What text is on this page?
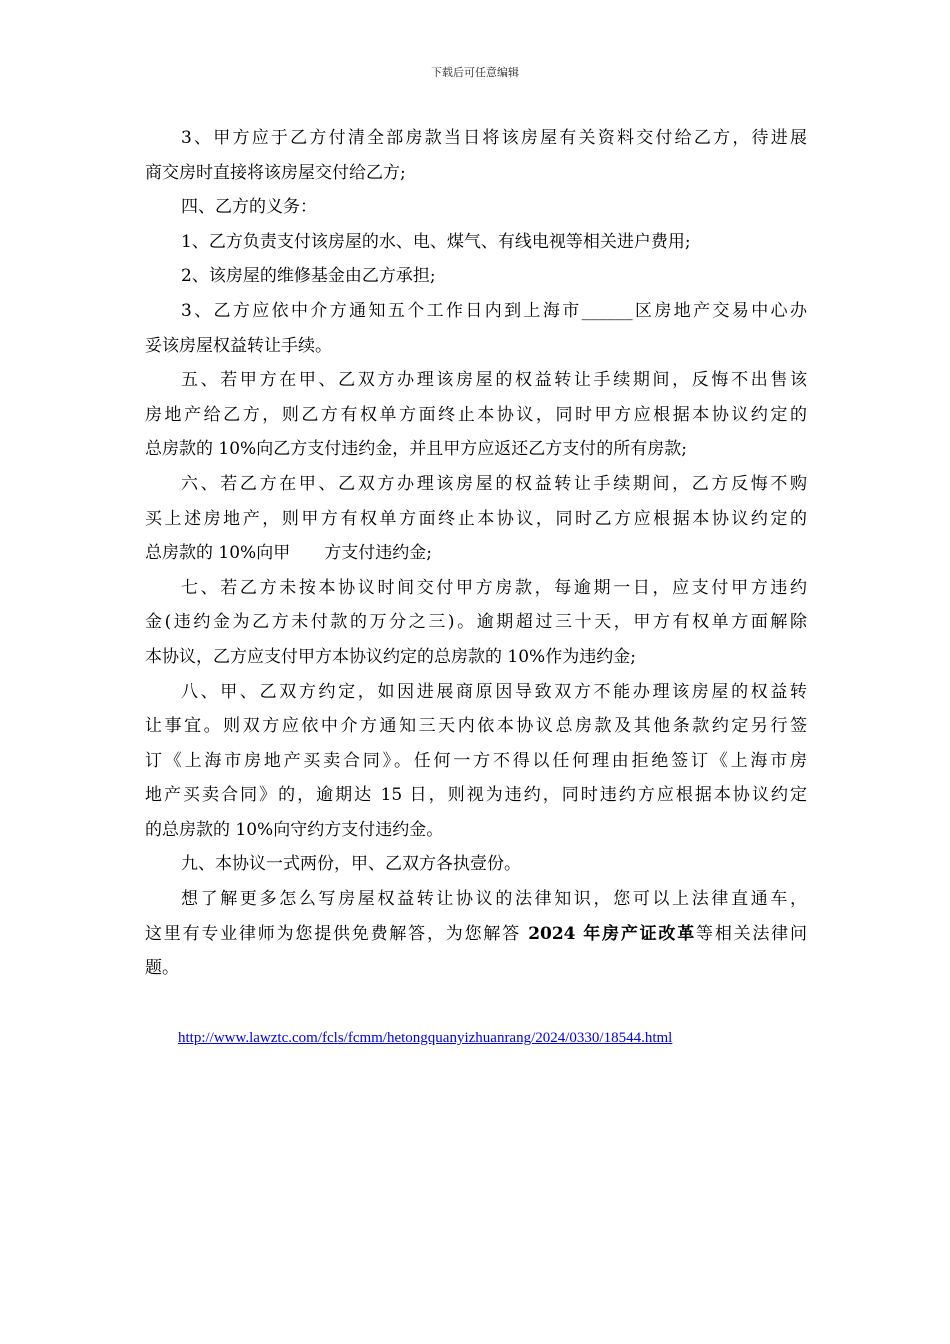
下载后可任意编辑
3、甲方应于乙方付清全部房款当日将该房屋有关资料交付给乙方，待进展
商交房时直接将该房屋交付给乙方;
四、乙方的义务：
1、乙方负责支付该房屋的水、电、煤气、有线电视等相关进户费用;
2、该房屋的维修基金由乙方承担;
3、乙方应依中介方通知五个工作日内到上海市______区房地产交易中心办
妥该房屋权益转让手续。
五、若甲方在甲、乙双方办理该房屋的权益转让手续期间，反悔不出售该
房地产给乙方，则乙方有权单方面终止本协议，同时甲方应根据本协议约定的
总房款的 10%向乙方支付违约金，并且甲方应返还乙方支付的所有房款;
六、若乙方在甲、乙双方办理该房屋的权益转让手续期间，乙方反悔不购
买上述房地产，则甲方有权单方面终止本协议，同时乙方应根据本协议约定的
总房款的 10%向甲　　方支付违约金;
七、若乙方未按本协议时间交付甲方房款，每逾期一日，应支付甲方违约
金(违约金为乙方未付款的万分之三)。逾期超过三十天，甲方有权单方面解除
本协议，乙方应支付甲方本协议约定的总房款的 10%作为违约金;
八、甲、乙双方约定，如因进展商原因导致双方不能办理该房屋的权益转
让事宜。则双方应依中介方通知三天内依本协议总房款及其他条款约定另行签
订《上海市房地产买卖合同》。任何一方不得以任何理由拒绝签订《上海市房
地产买卖合同》的，逾期达 15 日，则视为违约，同时违约方应根据本协议约定
的总房款的 10%向守约方支付违约金。
九、本协议一式两份，甲、乙双方各执壹份。
想了解更多怎么写房屋权益转让协议的法律知识，您可以上法律直通车，
这里有专业律师为您提供免费解答，为您解答 2024 年房产证改革等相关法律问
题。
http://www.lawztc.com/fcls/fcmm/hetongquanyizhuanrang/2024/0330/18544.html
